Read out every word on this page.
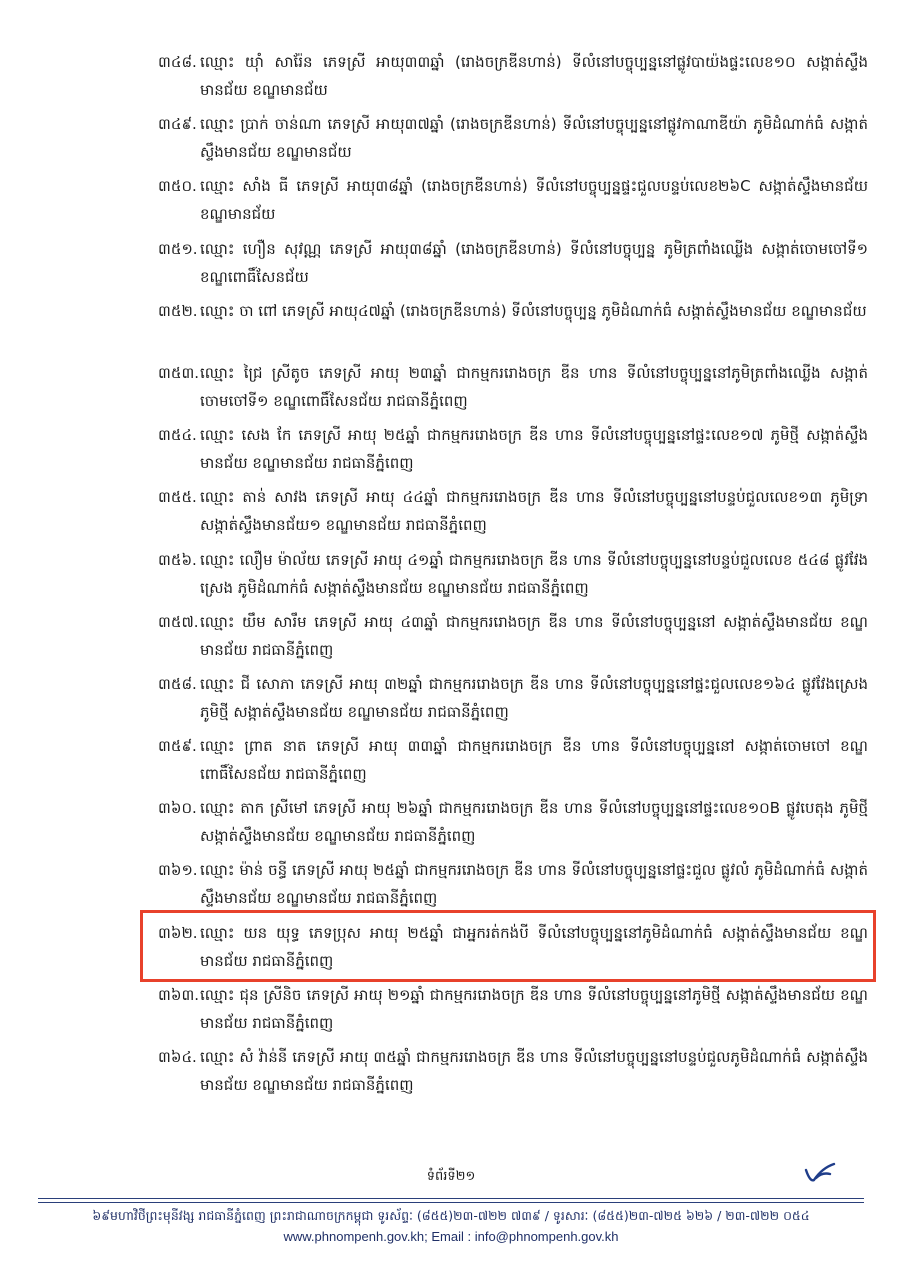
៣៤៨. ឈ្មោះ យ៉ាំ សារ៉ែន ភេទស្រី អាយុ៣៣ឆ្នាំ (រោងចក្រឌីនហាន់) ទីលំនៅបច្ចុប្បន្ននៅផ្លូវបាយ៉ងផ្ទះលេខ១០ សង្កាត់ស្ទឹងមានជ័យ ខណ្ឌមានជ័យ
៣៤៩. ឈ្មោះ ប្រាក់ ចាន់ណា ភេទស្រី អាយុ៣៧ឆ្នាំ (រោងចក្រឌីនហាន់) ទីលំនៅបច្ចុប្បន្ននៅផ្លូវកាណាឌីយ៉ា ភូមិដំណាក់ធំ សង្កាត់ស្ទឹងមានជ័យ ខណ្ឌមានជ័យ
៣៥០. ឈ្មោះ សាំង ធី ភេទស្រី អាយុ៣៨ឆ្នាំ (រោងចក្រឌីនហាន់) ទីលំនៅបច្ចុប្បន្នផ្ទះជួលបន្ទប់លេខ២៦C សង្កាត់ស្ទឹងមានជ័យ ខណ្ឌមានជ័យ
៣៥១. ឈ្មោះ ហឿន សុវណ្ណ ភេទស្រី អាយុ៣៨ឆ្នាំ (រោងចក្រឌីនហាន់) ទីលំនៅបច្ចុប្បន្ន ភូមិត្រពាំងឈ្លើង សង្កាត់ចោមចៅទី១ ខណ្ឌពោធិ៍សែនជ័យ
៣៥២. ឈ្មោះ ចា ពៅ ភេទស្រី អាយុ៤៧ឆ្នាំ (រោងចក្រឌីនហាន់) ទីលំនៅបច្ចុប្បន្ន ភូមិដំណាក់ធំ សង្កាត់ស្ទឹងមានជ័យ ខណ្ឌមានជ័យ
៣៥៣. ឈ្មោះ ជ្រៃ ស្រីតូច ភេទស្រី អាយុ ២៣ឆ្នាំ ជាកម្មកររោងចក្រ ឌីន ហាន ទីលំនៅបច្ចុប្បន្ននៅភូមិត្រពាំងឈ្លើង សង្កាត់ចោមចៅទី១ ខណ្ឌពោធិ៍សែនជ័យ រាជធានីភ្នំពេញ
៣៥៤. ឈ្មោះ សេង កែ ភេទស្រី អាយុ ២៥ឆ្នាំ ជាកម្មកររោងចក្រ ឌីន ហាន ទីលំនៅបច្ចុប្បន្ននៅផ្ទះលេខ១៧ ភូមិថ្មី សង្កាត់ស្ទឹងមានជ័យ ខណ្ឌមានជ័យ រាជធានីភ្នំពេញ
៣៥៥. ឈ្មោះ តាន់ សាវង ភេទស្រី អាយុ ៤៤ឆ្នាំ ជាកម្មកររោងចក្រ ឌីន ហាន ទីលំនៅបច្ចុប្បន្ននៅបន្ទប់ជួលលេខ១៣ ភូមិទ្រា សង្កាត់ស្ទឹងមានជ័យ១ ខណ្ឌមានជ័យ រាជធានីភ្នំពេញ
៣៥៦. ឈ្មោះ លឿម ម៉ាល័យ ភេទស្រី អាយុ ៤១ឆ្នាំ ជាកម្មកររោងចក្រ ឌីន ហាន ទីលំនៅបច្ចុប្បន្ននៅបន្ទប់ជួលលេខ ៥៤៨ ផ្លូវវែងស្រេង ភូមិដំណាក់ធំ សង្កាត់ស្ទឹងមានជ័យ ខណ្ឌមានជ័យ រាជធានីភ្នំពេញ
៣៥៧. ឈ្មោះ យឹម សារឹម ភេទស្រី អាយុ ៤៣ឆ្នាំ ជាកម្មកររោងចក្រ ឌីន ហាន ទីលំនៅបច្ចុប្បន្ននៅ សង្កាត់ស្ទឹងមានជ័យ ខណ្ឌមានជ័យ រាជធានីភ្នំពេញ
៣៥៨. ឈ្មោះ ជី សោភា ភេទស្រី អាយុ ៣២ឆ្នាំ ជាកម្មកររោងចក្រ ឌីន ហាន ទីលំនៅបច្ចុប្បន្ននៅផ្ទះជួលលេខ១៦៤ ផ្លូវវែងស្រេង ភូមិថ្មី សង្កាត់ស្ទឹងមានជ័យ ខណ្ឌមានជ័យ រាជធានីភ្នំពេញ
៣៥៩. ឈ្មោះ ព្រាត នាត ភេទស្រី អាយុ ៣៣ឆ្នាំ ជាកម្មកររោងចក្រ ឌីន ហាន ទីលំនៅបច្ចុប្បន្ននៅ សង្កាត់ចោមចៅ ខណ្ឌពោធិ៍សែនជ័យ រាជធានីភ្នំពេញ
៣៦០. ឈ្មោះ តាក ស្រីមៅ ភេទស្រី អាយុ ២៦ឆ្នាំ ជាកម្មកររោងចក្រ ឌីន ហាន ទីលំនៅបច្ចុប្បន្ននៅផ្ទះលេខ១០B ផ្លូវបេតុង ភូមិថ្មី សង្កាត់ស្ទឹងមានជ័យ ខណ្ឌមានជ័យ រាជធានីភ្នំពេញ
៣៦១. ឈ្មោះ ម៉ាន់ ចន្ធី ភេទស្រី អាយុ ២៥ឆ្នាំ ជាកម្មកររោងចក្រ ឌីន ហាន ទីលំនៅបច្ចុប្បន្ននៅផ្ទះជួល ផ្លូវលំ ភូមិដំណាក់ធំ សង្កាត់ស្ទឹងមានជ័យ ខណ្ឌមានជ័យ រាជធានីភ្នំពេញ
៣៦២. ឈ្មោះ យន យុទ្ធ ភេទប្រុស អាយុ ២៥ឆ្នាំ ជាអ្នករត់កង់បី ទីលំនៅបច្ចុប្បន្ននៅភូមិដំណាក់ធំ សង្កាត់ស្ទឹងមានជ័យ ខណ្ឌមានជ័យ រាជធានីភ្នំពេញ
៣៦៣. ឈ្មោះ ជុន ស្រីនិច ភេទស្រី អាយុ ២១ឆ្នាំ ជាកម្មកររោងចក្រ ឌីន ហាន ទីលំនៅបច្ចុប្បន្ននៅភូមិថ្មី សង្កាត់ស្ទឹងមានជ័យ ខណ្ឌមានជ័យ រាជធានីភ្នំពេញ
៣៦៤. ឈ្មោះ សំ វ៉ាន់នី ភេទស្រី អាយុ ៣៥ឆ្នាំ ជាកម្មកររោងចក្រ ឌីន ហាន ទីលំនៅបច្ចុប្បន្ននៅបន្ទប់ជួលភូមិដំណាក់ធំ សង្កាត់ស្ទឹងមានជ័យ ខណ្ឌមានជ័យ រាជធានីភ្នំពេញ
ទំព័រទី២១
៦៩មហាវិថីព្រះមុនីវង្ស រាជធានីភ្នំពេញ ព្រះរាជាណាចក្រកម្ពុជា ទូរស័ព្ទៈ (៨៥៥)២៣-៧២២ ៧៣៩ / ទូរសារៈ (៨៥៥)២៣-៧២៥ ៦២៦ / ២៣-៧២២ ០៥៤
www.phnompenh.gov.kh; Email : info@phnompenh.gov.kh
